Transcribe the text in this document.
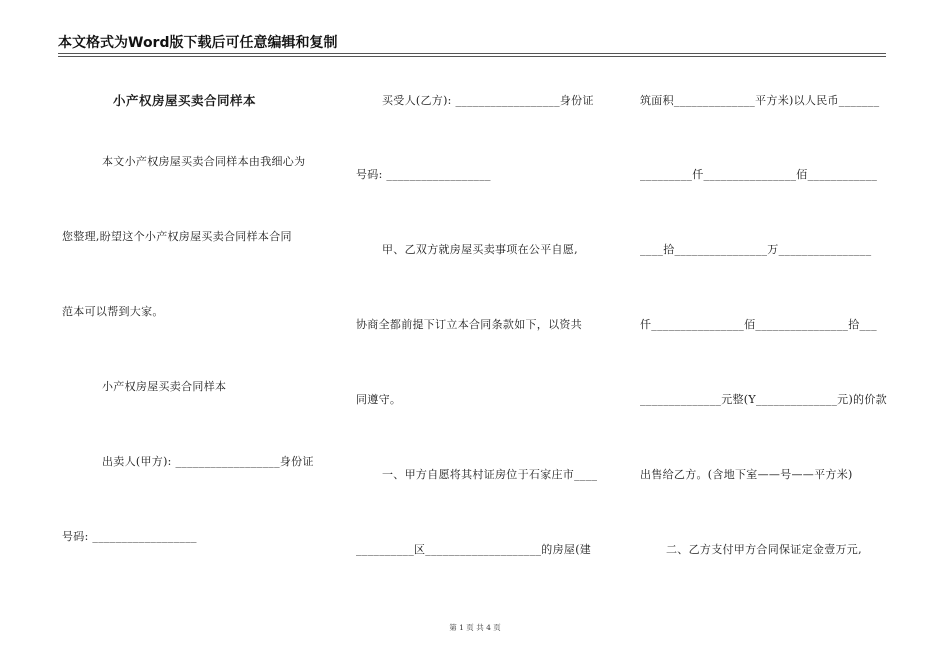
本文格式为Word版下载后可任意编辑和复制
小产权房屋买卖合同样本
本文小产权房屋买卖合同样本由我细心为
您整理,盼望这个小产权房屋买卖合同样本合同
范本可以帮到大家。
小产权房屋买卖合同样本
出卖人(甲方): __________________身份证
号码: __________________
买受人(乙方): __________________身份证
号码: __________________
甲、乙双方就房屋买卖事项在公平自愿,
协商全都前提下订立本合同条款如下，以资共
同遵守。
一、甲方自愿将其村证房位于石家庄市____
__________区____________________的房屋(建
筑面积______________平方米)以人民币_______
_________仟________________佰____________
____拾________________万________________
仟________________佰________________拾___
______________元整(Y______________元)的价款
出售给乙方。(含地下室——号——平方米)
二、乙方支付甲方合同保证定金壹万元,
第 1 页 共 4 页
